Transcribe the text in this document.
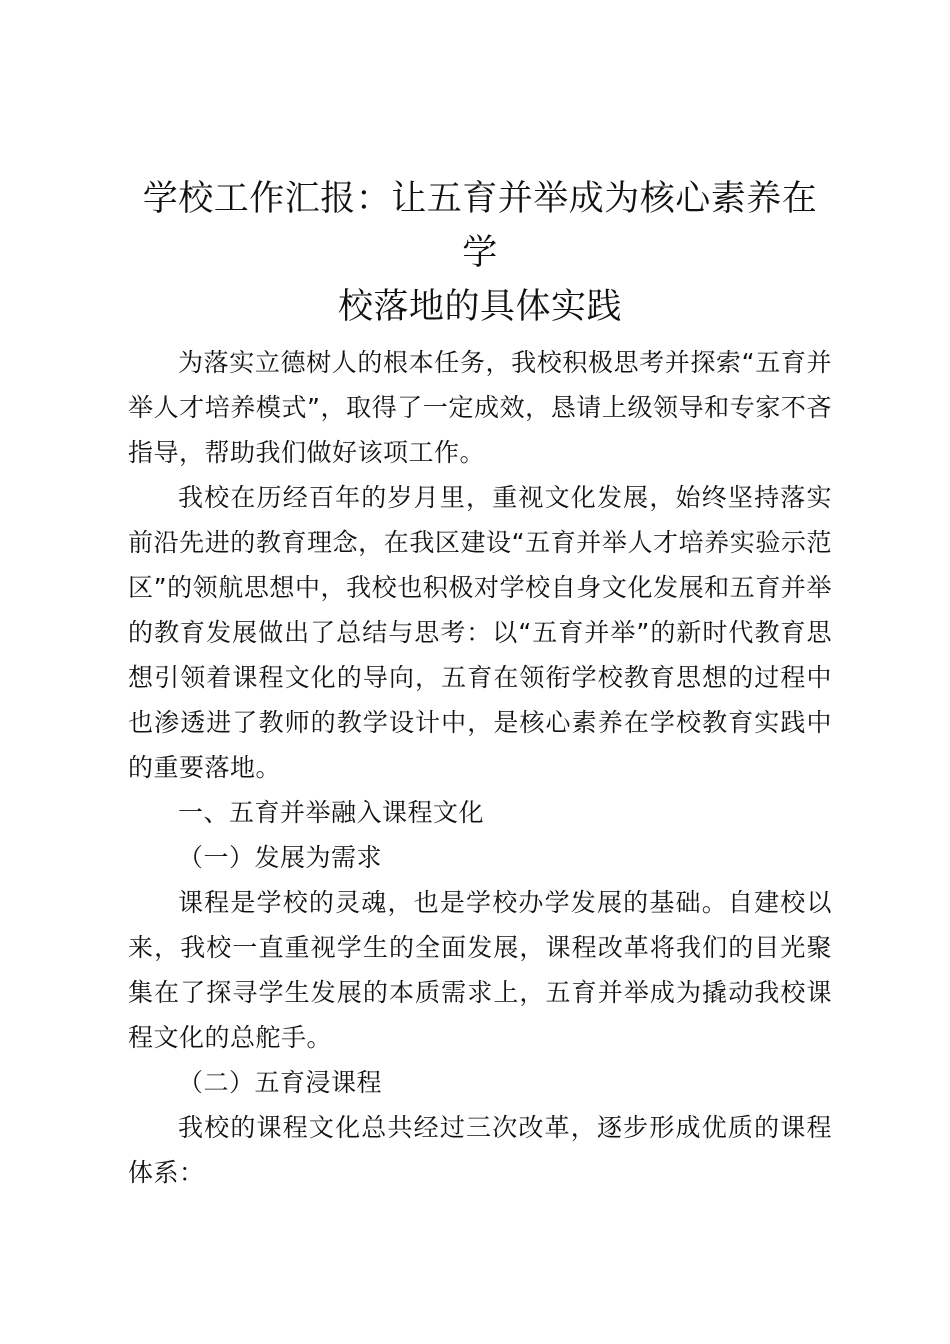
学校工作汇报：让五育并举成为核心素养在学
校落地的具体实践

为落实立德树人的根本任务，我校积极思考并探索“五育并举人才培养模式”，取得了一定成效，恳请上级领导和专家不吝指导，帮助我们做好该项工作。

我校在历经百年的岁月里，重视文化发展，始终坚持落实前沿先进的教育理念，在我区建设“五育并举人才培养实验示范区”的领航思想中，我校也积极对学校自身文化发展和五育并举的教育发展做出了总结与思考：以“五育并举”的新时代教育思想引领着课程文化的导向，五育在领衔学校教育思想的过程中也渗透进了教师的教学设计中，是核心素养在学校教育实践中的重要落地。

一、五育并举融入课程文化

（一）发展为需求

课程是学校的灵魂，也是学校办学发展的基础。自建校以来，我校一直重视学生的全面发展，课程改革将我们的目光聚集在了探寻学生发展的本质需求上，五育并举成为撬动我校课程文化的总舵手。

（二）五育浸课程

我校的课程文化总共经过三次改革，逐步形成优质的课程体系：
